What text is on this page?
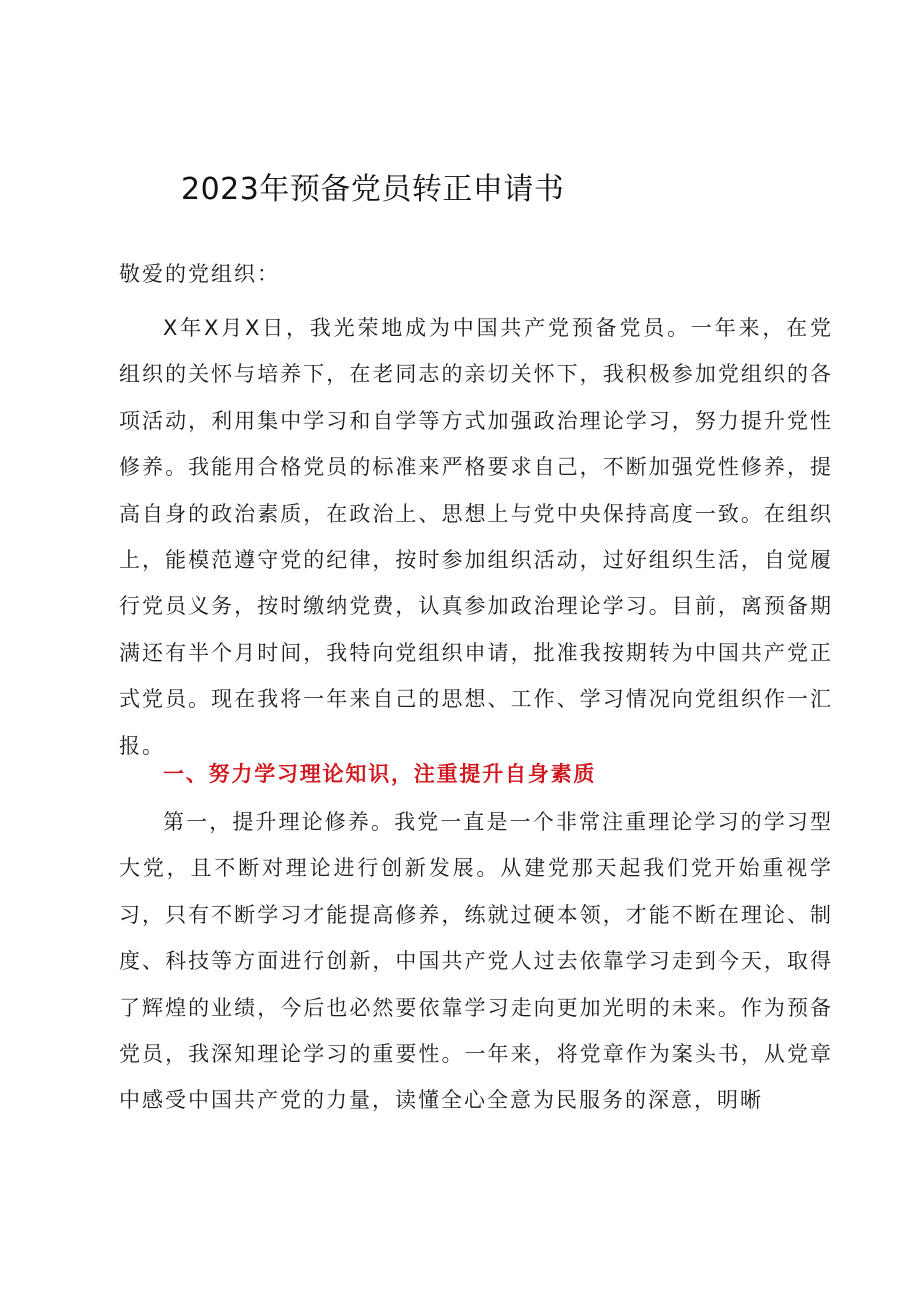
2023年预备党员转正申请书
敬爱的党组织：

X年X月X日，我光荣地成为中国共产党预备党员。一年来，在党组织的关怀与培养下，在老同志的亲切关怀下，我积极参加党组织的各项活动，利用集中学习和自学等方式加强政治理论学习，努力提升党性修养。我能用合格党员的标准来严格要求自己，不断加强党性修养，提高自身的政治素质，在政治上、思想上与党中央保持高度一致。在组织上，能模范遵守党的纪律，按时参加组织活动，过好组织生活，自觉履行党员义务，按时缴纳党费，认真参加政治理论学习。目前，离预备期满还有半个月时间，我特向党组织申请，批准我按期转为中国共产党正式党员。现在我将一年来自己的思想、工作、学习情况向党组织作一汇报。

一、努力学习理论知识，注重提升自身素质

第一，提升理论修养。我党一直是一个非常注重理论学习的学习型大党，且不断对理论进行创新发展。从建党那天起我们党开始重视学习，只有不断学习才能提高修养，练就过硬本领，才能不断在理论、制度、科技等方面进行创新，中国共产党人过去依靠学习走到今天，取得了辉煌的业绩，今后也必然要依靠学习走向更加光明的未来。作为预备党员，我深知理论学习的重要性。一年来，将党章作为案头书，从党章中感受中国共产党的力量，读懂全心全意为民服务的深意，明晰
